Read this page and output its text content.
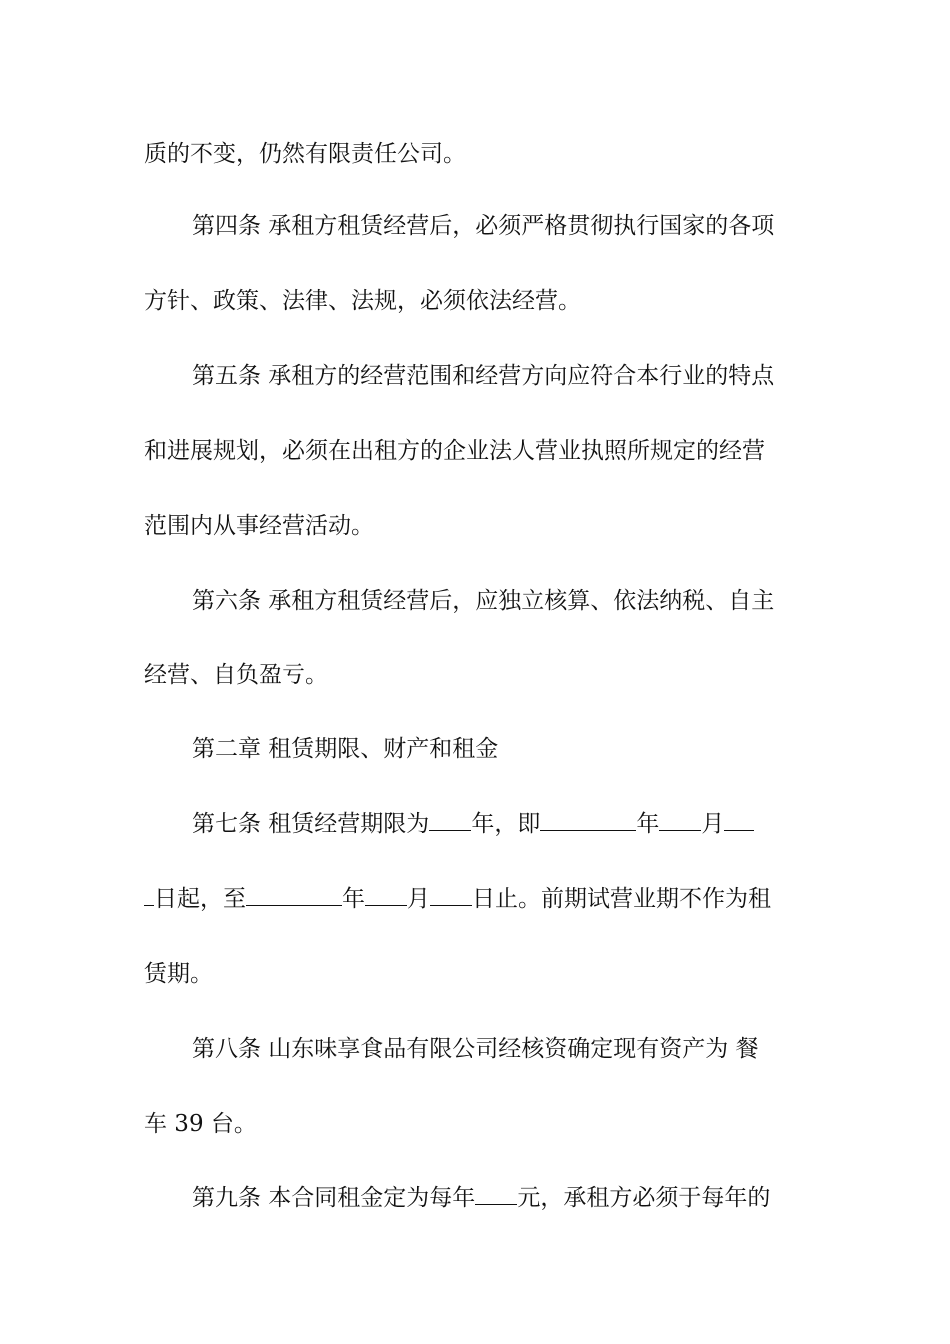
质的不变，仍然有限责任公司。

第四条 承租方租赁经营后，必须严格贯彻执行国家的各项

方针、政策、法律、法规，必须依法经营。

第五条 承租方的经营范围和经营方向应符合本行业的特点

和进展规划，必须在出租方的企业法人营业执照所规定的经营

范围内从事经营活动。

第六条 承租方租赁经营后，应独立核算、依法纳税、自主

经营、自负盈亏。

第二章 租赁期限、财产和租金

第七条 租赁经营期限为 年，即	年 月

日起，至	年 月 日止。前期试营业期不作为租

赁期。

第八条 山东味享食品有限公司经核资确定现有资产为 餐

车 39 台。

第九条 本合同租金定为每年 元，承租方必须于每年的
